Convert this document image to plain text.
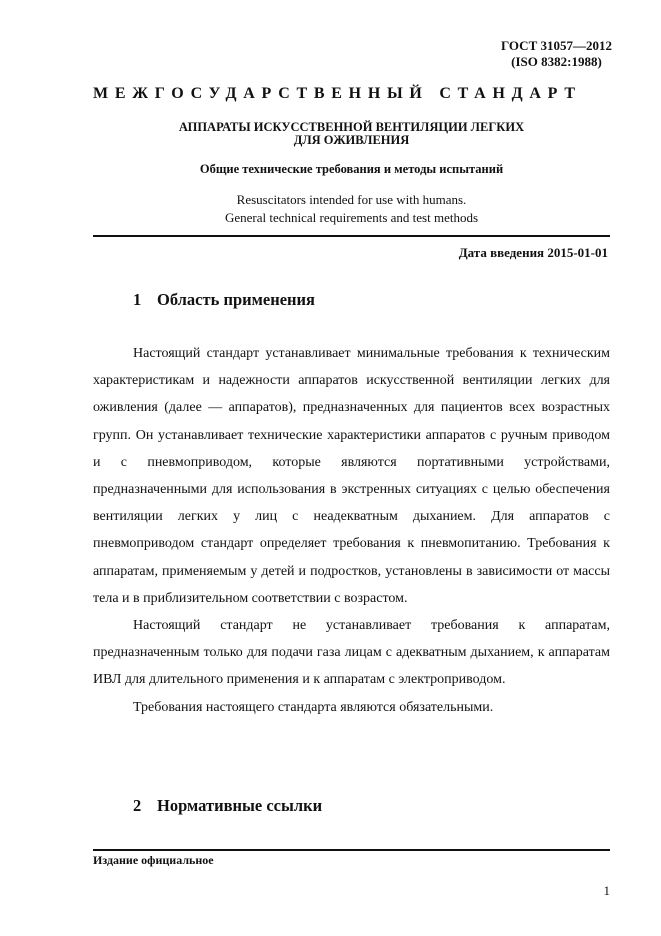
ГОСТ 31057—2012
(ISO 8382:1988)
МЕЖГОСУДАРСТВЕННЫЙ СТАНДАРТ
АППАРАТЫ ИСКУССТВЕННОЙ ВЕНТИЛЯЦИИ ЛЕГКИХ
ДЛЯ ОЖИВЛЕНИЯ
Общие технические требования и методы испытаний
Resuscitators intended for use with humans.
General technical requirements and test methods
Дата введения 2015-01-01
1 Область применения

Настоящий стандарт устанавливает минимальные требования к техническим характеристикам и надежности аппаратов искусственной вентиляции легких для оживления (далее — аппаратов), предназначенных для пациентов всех возрастных групп. Он устанавливает технические характеристики аппаратов с ручным приводом и с пневмоприводом, которые являются портативными устройствами, предназначенными для использования в экстренных ситуациях с целью обеспечения вентиляции легких у лиц с неадекватным дыханием. Для аппаратов с пневмоприводом стандарт определяет требования к пневмопитанию. Требования к аппаратам, применяемым у детей и подростков, установлены в зависимости от массы тела и в приблизительном соответствии с возрастом.

Настоящий стандарт не устанавливает требования к аппаратам, предназначенным только для подачи газа лицам с адекватным дыханием, к аппаратам ИВЛ для длительного применения и к аппаратам с электроприводом.

Требования настоящего стандарта являются обязательными.

2 Нормативные ссылки
Издание официальное
1
